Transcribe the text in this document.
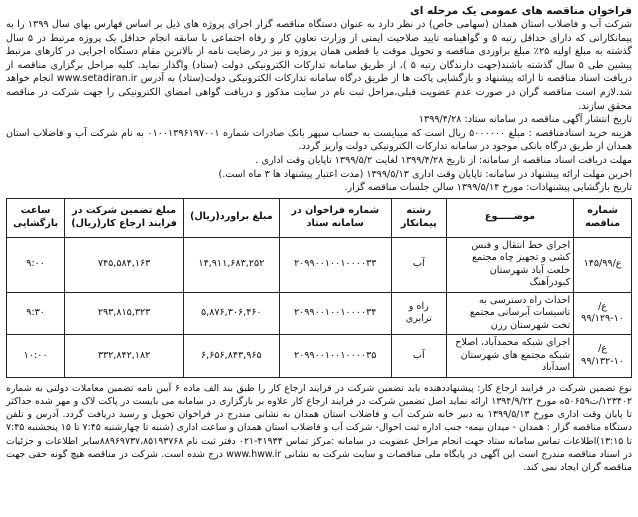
فراخوان مناقصه های عمومی یک مرحله ای

شرکت آب و فاضلاب استان همدان (سهامی خاص) در نظر دارد به عنوان دستگاه مناقصه گزار اجرای پروژه های ذیل بر اساس فهارس بهای سال ۱۳۹۹ را به پیمانکارانی که دارای حداقل رتبه ۵ و گواهینامه تایید صلاحیت ایمنی از وزارت تعاون کار و رفاه اجتماعی با سابقه انجام حداقل یک پروژه مرتبط در ۵ سال گذشته به مبلغ اولیه ۲۵٪ مبلغ براوردی مناقصه و تحویل موقت یا قطعی همان پروژه و نیز در رضایت نامه از بالاترین مقام دستگاه اجرایی در کارهای مرتبط پیشین طی ۵ سال گذشته باشند(جهت دارندگان رتبه ۵ )، از طریق سامانه تدارکات الکترونیکی دولت (ستاد) واگذار نماید. کلیه مراحل برگزاری مناقصه از دریافت اسناد مناقصه تا ارائه پیشنهاد و بازگشایی پاکت ها از طریق درگاه سامانه تدارکات الکترونیکی دولت(ستاد) به آدرس www.setadiran.ir انجام خواهد شد.لازم است مناقصه گران در صورت عدم عضویت قبلی،مراحل ثبت نام در سایت مذکور و دریافت گواهی امضای الکترونیکی را جهت شرکت در مناقصه محقق سازند.

تاریخ انتشار آگهی مناقصه در سامانه ستاد: ۱۳۹۹/۴/۲۸

هزینه خرید اسنادمناقصه : مبلغ ۵۰۰۰۰۰۰ ریال است که میبایست به حساب سپهر بانک صادرات شماره ۰۱۰۰۱۳۹۶۱۹۷۰۰۱ به نام شرکت آب و فاضلاب استان همدان از طریق درگاه بانکی موجود در سامانه تدارکات الکترونیکی دولت واریز گردد.

مهلت دریافت اسناد مناقصه از سامانه: از تاریخ ۱۳۹۹/۴/۲۸ لغایت ۱۳۹۹/۵/۲ تاپایان وقت اداری .

اخرین مهلت ارائه پیشنهاد در سامانه: تاپایان وقت اداری ۱۳۹۹/۵/۱۳ (مدت اعتبار پیشنهاد ها ۳ ماه است.)

تاریخ بازگشایی پیشنهادات: مورخ ۱۳۹۹/۵/۱۴ سالن جلسات مناقصه گزار.

شماره مناقصه	موضـــــوع	رشته پیمانکار	شماره فراخوان در سامانه ستاد	مبلغ براورد(ریال)	مبلغ تضمین شرکت در فرایند ارجاع کار(ریال)	ساعت بازگشایی
ع/۱۴۵/۹۹	اجرای خط انتقال و فنس کشی و تجهیز چاه مجتمع خلعت آباد شهرستان کبودرآهنگ	آب	۲۰۹۹۰۰۱۰۰۱۰۰۰۰۳۳	۱۴,۹۱۱,۶۸۳,۲۵۲	۷۴۵,۵۸۴,۱۶۳	۹:۰۰
ع/۱۰-۹۹/۱۲۹	احداث راه دسترسی به تاسیسات آبرسانی مجتمع تخت شهرستان رزن	راه و ترابری	۲۰۹۹۰۰۱۰۰۱۰۰۰۰۳۴	۵,۸۷۶,۳۰۶,۴۶۰	۲۹۳,۸۱۵,۳۲۳	۹:۳۰
ع/۱۰-۹۹/۱۳۲	اجرای شبکه محمدآباد، اصلاح شبکه مجتمع های شهرستان اسدآباد	آب	۲۰۹۹۰۰۱۰۰۱۰۰۰۰۳۵	۶,۶۵۶,۸۴۳,۹۶۵	۳۳۲,۸۴۲,۱۸۲	۱۰:۰۰

نوع تضمین شرکت در فرایند ارجاع کار: پیشنهاددهنده باید تضمین شرکت در فرایند ارجاع کار را طبق بند الف ماده ۶ آیین نامه تضمین معاملات دولتی به شماره ۱۲۳۴۰۲/ت۵۰۶۵۹ه مورخ ۱۳۹۴/۹/۲۲ ارائه نماید اصل تضمین شرکت در فرایند ارجاع کار علاوه بر بارگزاری در سامانه می بایست در پاکت لاک و مهر شده حداکثر تا پایان وقت اداری مورخ ۱۳۹۹/۵/۱۳ به دبیر خانه شرکت آب و فاضلاب استان همدان به نشانی مندرج در فراخوان تحویل و رسید دریافت گردد. آدرس و تلفن دستگاه مناقصه گزار : همدان - میدان بیمه- جنب اداره ثبت احوال- شرکت آب و فاضلاب استان همدان و ساعت اداری (شنبه تا چهارشنبه ۷:۴۵ تا ۱۵ پنجشنبه ۷:۴۵ تا ۱۳:۱۵)اطلاعات تماس سامانه ستاد جهت انجام مراحل عضویت در سامانه :مرکز تماس ۴۱۹۳۴-۰۲۱ دفتر ثبت نام ۸۸۹۶۹۷۳۷،۸۵۱۹۳۷۶۸سایر اطلاعات و جزئیات در اسناد مناقصه مندرج است این آگهی در پایگاه ملی مناقصات و سایت شرکت به نشانی www.hww.ir درج شده است. شرکت در مناقصه هیچ گونه حقی جهت مناقصه گران ایجاد نمی کند.
